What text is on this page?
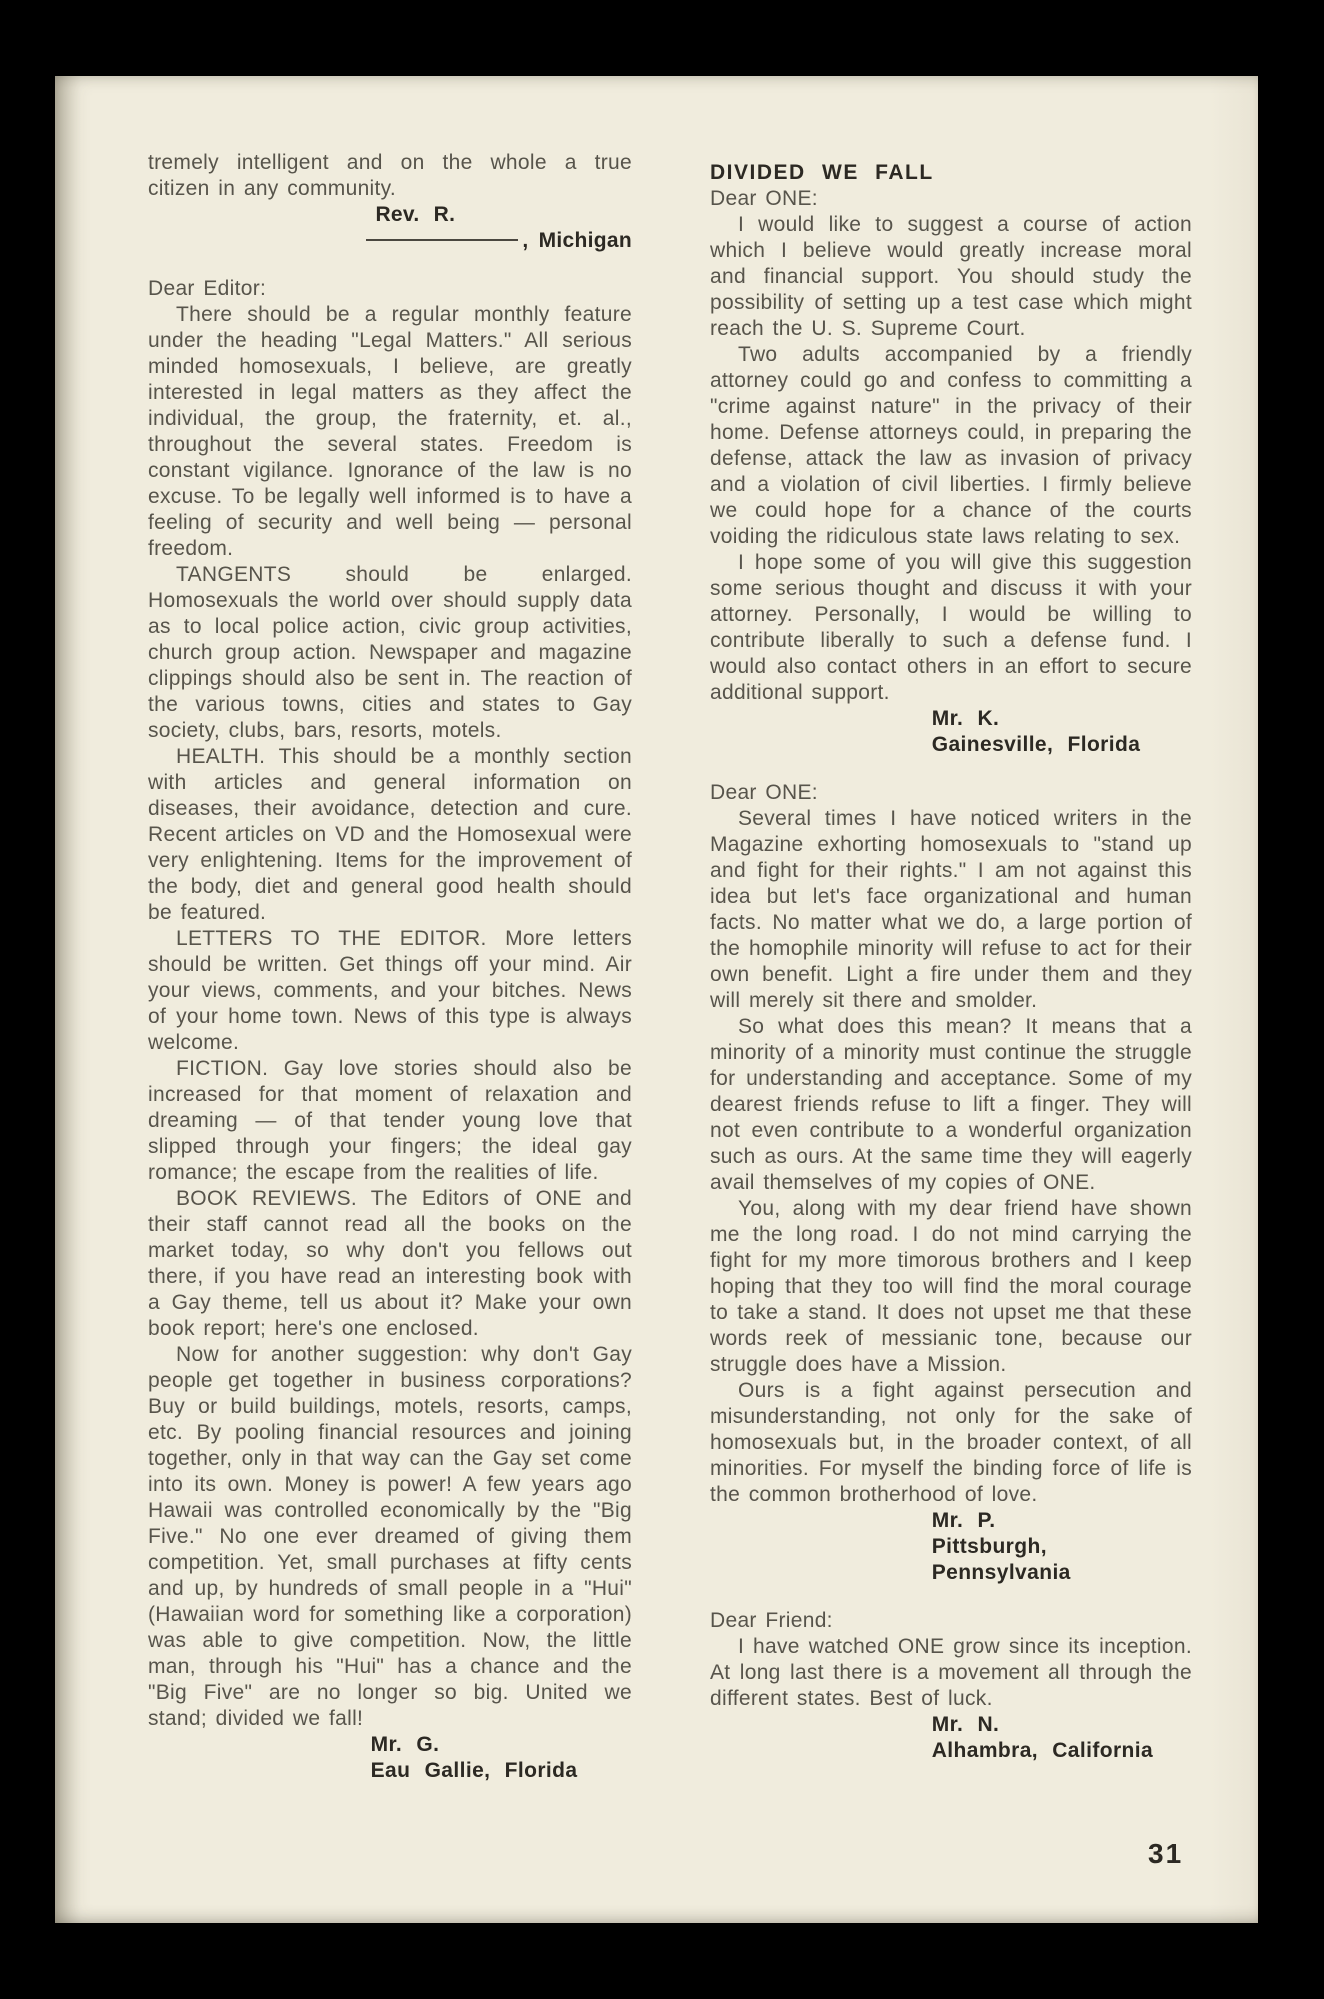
tremely intelligent and on the whole a true citizen in any community.
Rev. R.
, Michigan
Dear Editor:
There should be a regular monthly feature under the heading "Legal Matters." All serious minded homosexuals, I believe, are greatly interested in legal matters as they affect the individual, the group, the fraternity, et. al., throughout the several states. Freedom is constant vigilance. Ignorance of the law is no excuse. To be legally well informed is to have a feeling of security and well being — personal freedom.
TANGENTS should be enlarged. Homosexuals the world over should supply data as to local police action, civic group activities, church group action. Newspaper and magazine clippings should also be sent in. The reaction of the various towns, cities and states to Gay society, clubs, bars, resorts, motels.
HEALTH. This should be a monthly section with articles and general information on diseases, their avoidance, detection and cure. Recent articles on VD and the Homosexual were very enlightening. Items for the improvement of the body, diet and general good health should be featured.
LETTERS TO THE EDITOR. More letters should be written. Get things off your mind. Air your views, comments, and your bitches. News of your home town. News of this type is always welcome.
FICTION. Gay love stories should also be increased for that moment of relaxation and dreaming — of that tender young love that slipped through your fingers; the ideal gay romance; the escape from the realities of life.
BOOK REVIEWS. The Editors of ONE and their staff cannot read all the books on the market today, so why don't you fellows out there, if you have read an interesting book with a Gay theme, tell us about it? Make your own book report; here's one enclosed.
Now for another suggestion: why don't Gay people get together in business corporations? Buy or build buildings, motels, resorts, camps, etc. By pooling financial resources and joining together, only in that way can the Gay set come into its own. Money is power! A few years ago Hawaii was controlled economically by the "Big Five." No one ever dreamed of giving them competition. Yet, small purchases at fifty cents and up, by hundreds of small people in a "Hui" (Hawaiian word for something like a corporation) was able to give competition. Now, the little man, through his "Hui" has a chance and the "Big Five" are no longer so big. United we stand; divided we fall!
Mr. G.
Eau Gallie, Florida
DIVIDED WE FALL
Dear ONE:
I would like to suggest a course of action which I believe would greatly increase moral and financial support. You should study the possibility of setting up a test case which might reach the U. S. Supreme Court.
Two adults accompanied by a friendly attorney could go and confess to committing a "crime against nature" in the privacy of their home. Defense attorneys could, in preparing the defense, attack the law as invasion of privacy and a violation of civil liberties. I firmly believe we could hope for a chance of the courts voiding the ridiculous state laws relating to sex.
I hope some of you will give this suggestion some serious thought and discuss it with your attorney. Personally, I would be willing to contribute liberally to such a defense fund. I would also contact others in an effort to secure additional support.
Mr. K.
Gainesville, Florida
Dear ONE:
Several times I have noticed writers in the Magazine exhorting homosexuals to "stand up and fight for their rights." I am not against this idea but let's face organizational and human facts. No matter what we do, a large portion of the homophile minority will refuse to act for their own benefit. Light a fire under them and they will merely sit there and smolder.
So what does this mean? It means that a minority of a minority must continue the struggle for understanding and acceptance. Some of my dearest friends refuse to lift a finger. They will not even contribute to a wonderful organization such as ours. At the same time they will eagerly avail themselves of my copies of ONE.
You, along with my dear friend have shown me the long road. I do not mind carrying the fight for my more timorous brothers and I keep hoping that they too will find the moral courage to take a stand. It does not upset me that these words reek of messianic tone, because our struggle does have a Mission.
Ours is a fight against persecution and misunderstanding, not only for the sake of homosexuals but, in the broader context, of all minorities. For myself the binding force of life is the common brotherhood of love.
Mr. P.
Pittsburgh, Pennsylvania
Dear Friend:
I have watched ONE grow since its inception. At long last there is a movement all through the different states. Best of luck.
Mr. N.
Alhambra, California
31
